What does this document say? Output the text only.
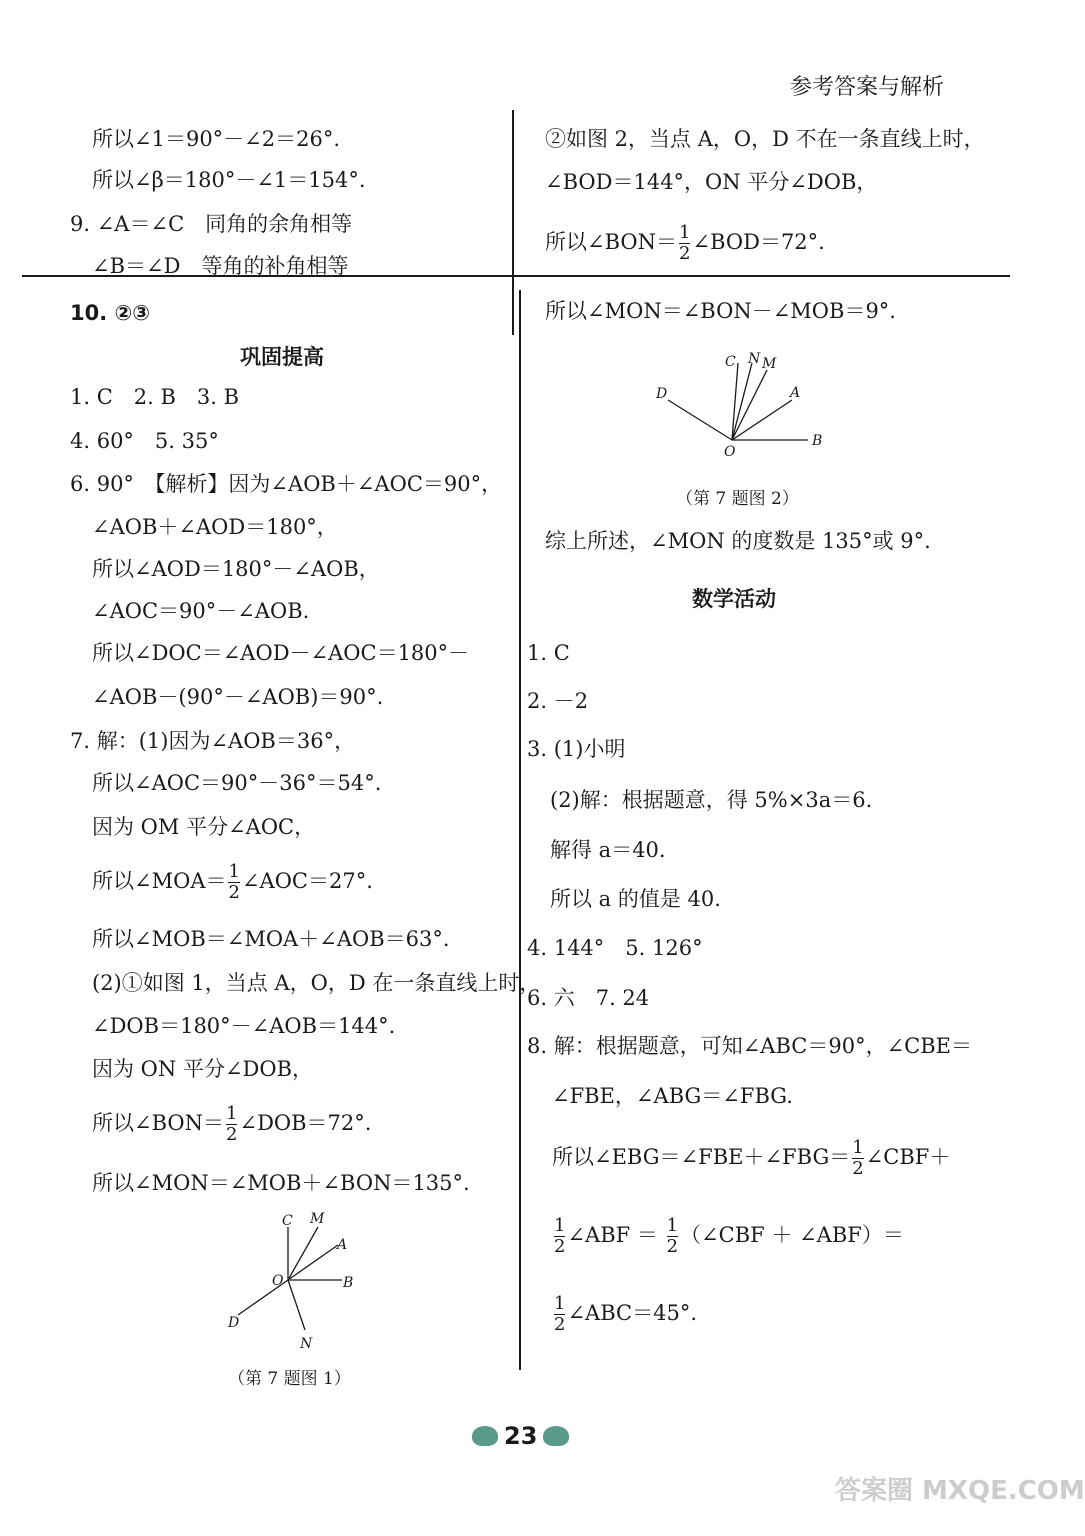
参考答案与解析
所以∠1＝90°－∠2＝26°.
所以∠β＝180°－∠1＝154°.
9. ∠A＝∠C　同角的余角相等
∠B＝∠D　等角的补角相等
10. ②③
巩固提高
1. C　2. B　3. B
4. 60°　5. 35°
6. 90°　【解析】因为∠AOB＋∠AOC＝90°，
∠AOB＋∠AOD＝180°，
所以∠AOD＝180°－∠AOB，
∠AOC＝90°－∠AOB.
所以∠DOC＝∠AOD－∠AOC＝180°－
∠AOB－(90°－∠AOB)＝90°.
7. 解：(1)因为∠AOB＝36°，
所以∠AOC＝90°－36°＝54°.
因为 OM 平分∠AOC，
所以∠MOA＝ $\frac{1}{2}$ ∠AOC＝27°.
所以∠MOB＝∠MOA＋∠AOB＝63°.
(2)①如图 1，当点 A，O，D 在一条直线上时，
∠DOB＝180°－∠AOB＝144°.
因为 ON 平分∠DOB，
所以∠BON＝ $\frac{1}{2}$ ∠DOB＝72°.
所以∠MON＝∠MOB＋∠BON＝135°.
C M
A
O	B
D
N
（第 7 题图 1）
②如图 2，当点 A，O，D 不在一条直线上时，
∠BOD＝144°，ON 平分∠DOB，
所以∠BON＝ $\frac{1}{2}$ ∠BOD＝72°.
所以∠MON＝∠BON－∠MOB＝9°.
C N M
A
D
O
B
（第 7 题图 2）
综上所述，∠MON 的度数是 135°或 9°.
数学活动
1. C
2. －2
3. (1)小明
(2)解：根据题意，得 5%×3a＝6.
解得 a＝40.
所以 a 的值是 40.
4. 144°　5. 126°
6. 六　7. 24
8. 解：根据题意，可知∠ABC＝90°，∠CBE＝
∠FBE，∠ABG＝∠FBG.
所以∠EBG＝∠FBE＋∠FBG＝ $\frac{1}{2}$ ∠CBF＋
$\frac{1}{2}$ ∠ABF ＝ $\frac{1}{2}$ （∠CBF ＋ ∠ABF）＝
$\frac{1}{2}$ ∠ABC＝45°.
23
答案圈 MXQE.COM
